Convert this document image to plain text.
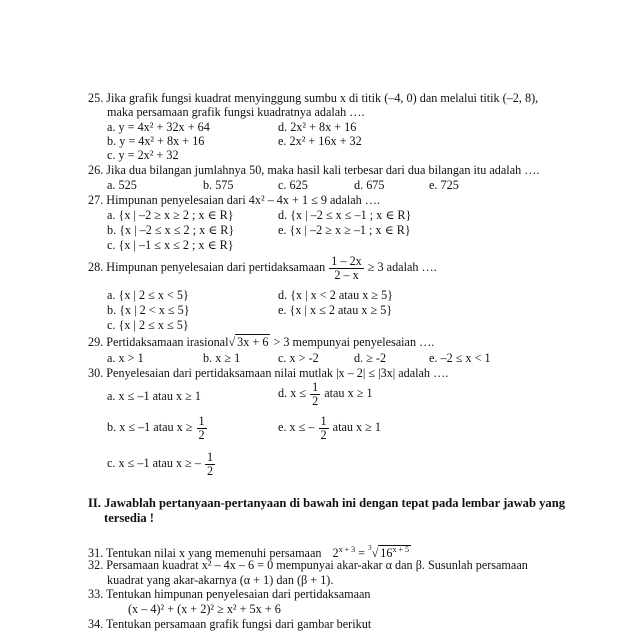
25. Jika grafik fungsi kuadrat menyinggung sumbu x di titik (–4, 0) dan melalui titik (–2, 8),
maka persamaan grafik fungsi kuadratnya adalah ….
a. y = 4x² + 32x + 64	d. 2x² + 8x + 16
b. y = 4x² + 8x + 16	e. 2x² + 16x + 32
c. y = 2x² + 32
26. Jika dua bilangan jumlahnya 50, maka hasil kali terbesar dari dua bilangan itu adalah ….
a. 525	b. 575	c. 625	d. 675	e. 725
27. Himpunan penyelesaian dari 4x² – 4x + 1 ≤ 9 adalah ….
a. {x | –2 ≥ x ≥ 2 ; x ∈ R}	d. {x | –2 ≤ x ≤ –1 ; x ∈ R}
b. {x | –2 ≤ x ≤ 2 ; x ∈ R}	e. {x | –2 ≥ x ≥ –1 ; x ∈ R}
c. {x | –1 ≤ x ≤ 2 ; x ∈ R}
28. Himpunan penyelesaian dari pertidaksamaan $\frac{1 - 2x}{2 - x} \ge 3$ adalah ….
a. {x | 2 ≤ x < 5}	d. {x | x < 2 atau x ≥ 5}
b. {x | 2 < x ≤ 5}	e. {x | x ≤ 2 atau x ≥ 5}
c. {x | 2 ≤ x ≤ 5}
29. Pertidaksamaan irasional√ 3x + 6 > 3 mempunyai penyelesaian ….
a. x > 1	b. x ≥ 1	c. x > -2	d. ≥ -2	e. –2 ≤ x < 1
30. Penyelesaian dari pertidaksamaan nilai mutlak |x – 2| ≤ |3x| adalah ….
a. x ≤ –1 atau x ≥ 1	d. $x \le \frac{1}{2}$ atau x ≥ 1
b. x ≤ –1 atau $x \ge \frac{1}{2}$	e. x ≤ – $\frac{1}{2}$ atau x ≥ 1
c. x ≤ –1 atau x ≥ – $\frac{1}{2}$
II. Jawablah pertanyaan-pertanyaan di bawah ini dengan tepat pada lembar jawab yang
tersedia !
31. Tentukan nilai x yang memenuhi persamaan $2^{x + 3} = ^3√$ $16^{x + 5}$
32. Persamaan kuadrat x² – 4x – 6 = 0 mempunyai akar-akar α dan β. Susunlah persamaan
kuadrat yang akar-akarnya (α + 1) dan (β + 1).
33. Tentukan himpunan penyelesaian dari pertidaksamaan
(x – 4)² + (x + 2)² ≥ x² + 5x + 6
34. Tentukan persamaan grafik fungsi dari gambar berikut
